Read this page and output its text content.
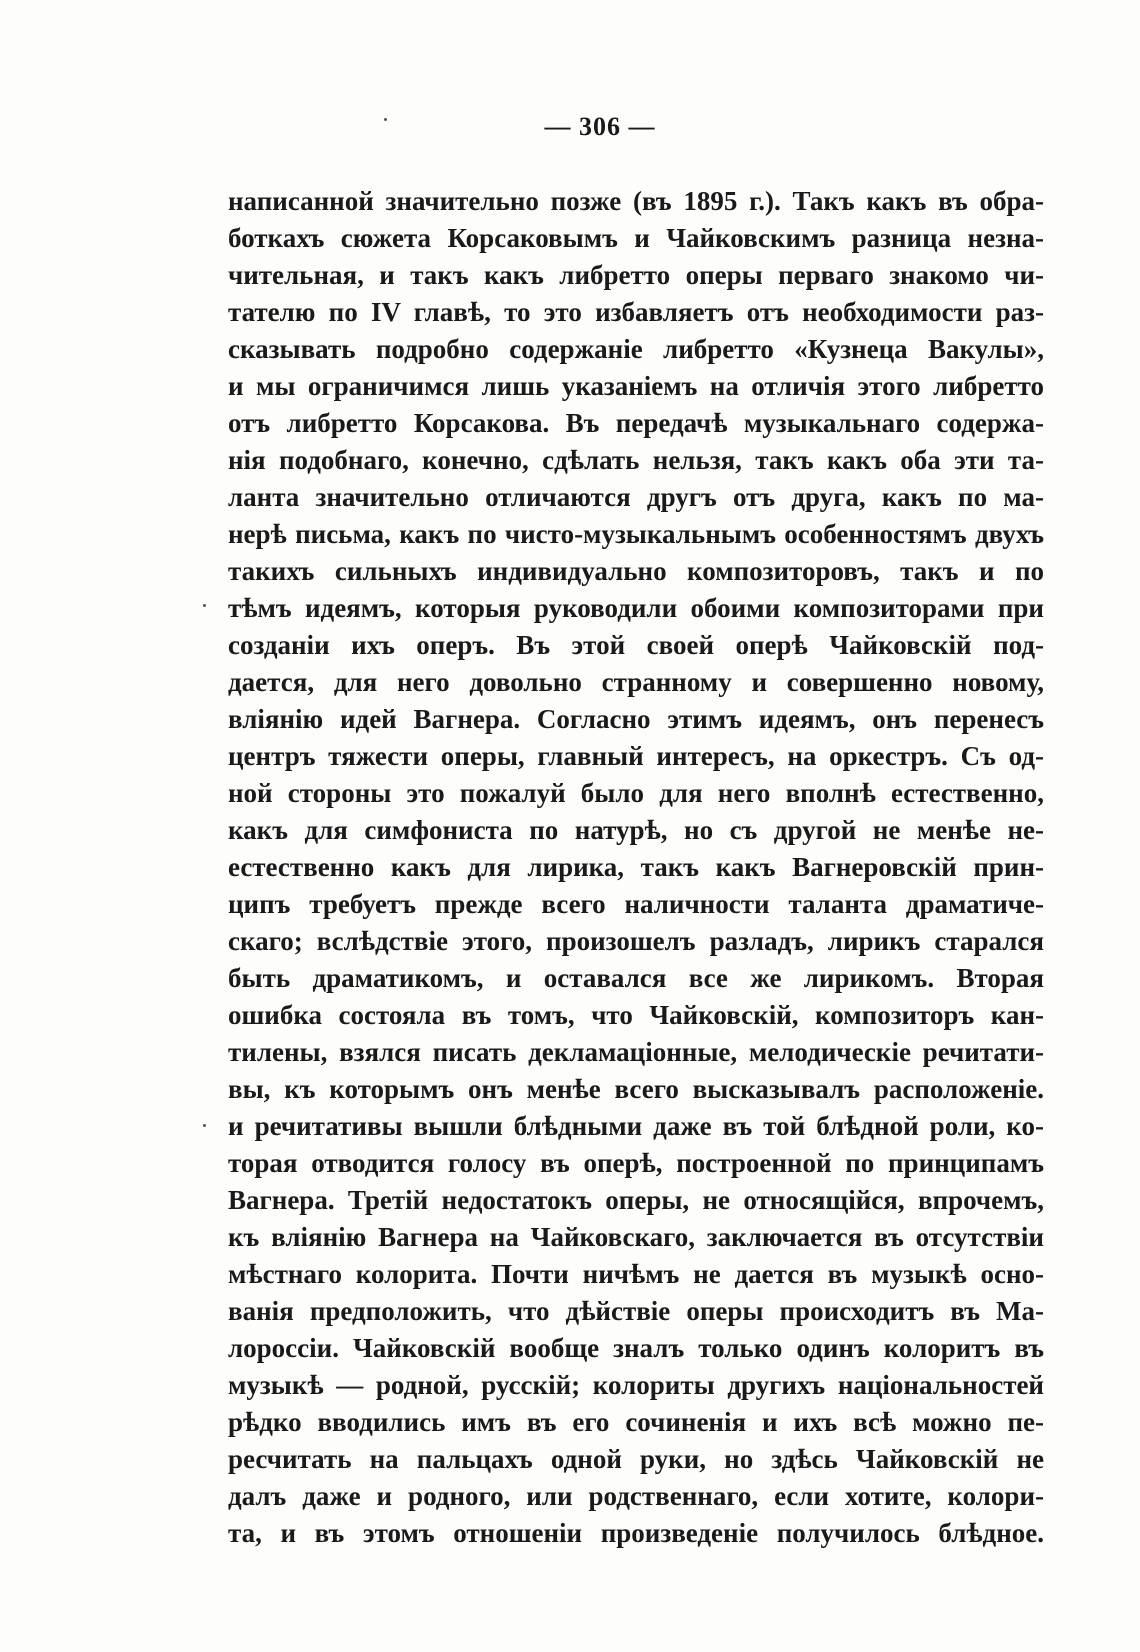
— 306 —
написанной значительно позже (въ 1895 г.). Такъ какъ въ обра-
боткахъ сюжета Корсаковымъ и Чайковскимъ разница незна-
чительная, и такъ какъ либретто оперы перваго знакомо чи-
тателю по IV главѣ, то это избавляетъ отъ необходимости раз-
сказывать подробно содержаніе либретто «Кузнеца Вакулы»,
и мы ограничимся лишь указаніемъ на отличія этого либретто
отъ либретто Корсакова. Въ передачѣ музыкальнаго содержа-
нія подобнаго, конечно, сдѣлать нельзя, такъ какъ оба эти та-
ланта значительно отличаются другъ отъ друга, какъ по ма-
нерѣ письма, какъ по чисто-музыкальнымъ особенностямъ двухъ
такихъ сильныхъ индивидуально композиторовъ, такъ и по
тѣмъ идеямъ, которыя руководили обоими композиторами при
созданіи ихъ оперъ. Въ этой своей оперѣ Чайковскій под-
дается, для него довольно странному и совершенно новому,
вліянію идей Вагнера. Согласно этимъ идеямъ, онъ перенесъ
центръ тяжести оперы, главный интересъ, на оркестръ. Съ од-
ной стороны это пожалуй было для него вполнѣ естественно,
какъ для симфониста по натурѣ, но съ другой не менѣе не-
естественно какъ для лирика, такъ какъ Вагнеровскій прин-
ципъ требуетъ прежде всего наличности таланта драматиче-
скаго; вслѣдствіе этого, произошелъ разладъ, лирикъ старался
быть драматикомъ, и оставался все же лирикомъ. Вторая
ошибка состояла въ томъ, что Чайковскій, композиторъ кан-
тилены, взялся писать декламаціонные, мелодическіе речитати-
вы, къ которымъ онъ менѣе всего высказывалъ расположеніе.
и речитативы вышли блѣдными даже въ той блѣдной роли, ко-
торая отводится голосу въ оперѣ, построенной по принципамъ
Вагнера. Третій недостатокъ оперы, не относящійся, впрочемъ,
къ вліянію Вагнера на Чайковскаго, заключается въ отсутствіи
мѣстнаго колорита. Почти ничѣмъ не дается въ музыкѣ осно-
ванія предположить, что дѣйствіе оперы происходитъ въ Ма-
лороссіи. Чайковскій вообще зналъ только одинъ колоритъ въ
музыкѣ — родной, русскій; колориты другихъ національностей
рѣдко вводились имъ въ его сочиненія и ихъ всѣ можно пе-
ресчитать на пальцахъ одной руки, но здѣсь Чайковскій не
далъ даже и родного, или родственнаго, если хотите, колори-
та, и въ этомъ отношеніи произведеніе получилось блѣдное.
